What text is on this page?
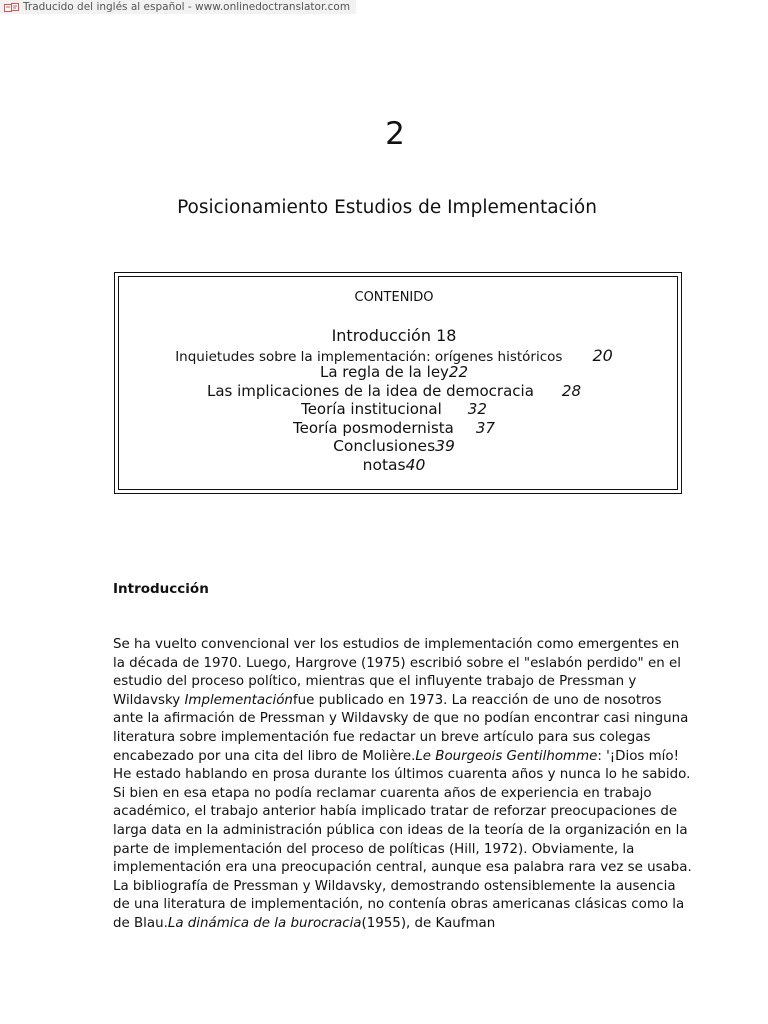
Traducido del inglés al español - www.onlinedoctranslator.com
2
Posicionamiento Estudios de Implementación
CONTENIDO
Introducción 18
Inquietudes sobre la implementación: orígenes históricos 20
La regla de la ley22
Las implicaciones de la idea de democracia 28
Teoría institucional 32
Teoría posmodernista 37
Conclusiones39
notas40
Introducción

Se ha vuelto convencional ver los estudios de implementación como emergentes en la década de 1970. Luego, Hargrove (1975) escribió sobre el "eslabón perdido" en el estudio del proceso político, mientras que el influyente trabajo de Pressman y Wildavsky Implementaciónfue publicado en 1973. La reacción de uno de nosotros ante la afirmación de Pressman y Wildavsky de que no podían encontrar casi ninguna literatura sobre implementación fue redactar un breve artículo para sus colegas encabezado por una cita del libro de Molière.Le Bourgeois Gentilhomme: '¡Dios mío! He estado hablando en prosa durante los últimos cuarenta años y nunca lo he sabido. Si bien en esa etapa no podía reclamar cuarenta años de experiencia en trabajo académico, el trabajo anterior había implicado tratar de reforzar preocupaciones de larga data en la administración pública con ideas de la teoría de la organización en la parte de implementación del proceso de políticas (Hill, 1972). Obviamente, la implementación era una preocupación central, aunque esa palabra rara vez se usaba. La bibliografía de Pressman y Wildavsky, demostrando ostensiblemente la ausencia de una literatura de implementación, no contenía obras americanas clásicas como la de Blau.La dinámica de la burocracia(1955), de Kaufman
